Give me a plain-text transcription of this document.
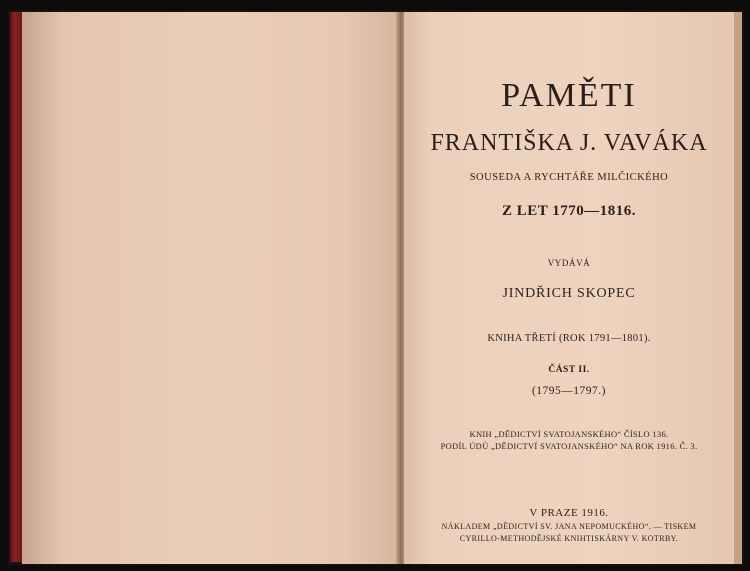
PAMĚTI
FRANTIŠKA J. VAVÁKA
SOUSEDA A RYCHTÁŘE MILČICKÉHO
Z LET 1770—1816.
VYDÁVÁ
JINDŘICH SKOPEC
KNIHA TŘETÍ (ROK 1791—1801).
ČÁST II.
(1795—1797.)
KNIH „DĚDICTVÍ SVATOJANSKÉHO“ ČÍSLO 136.
PODÍL ÚDŮ „DĚDICTVÍ SVATOJANSKÉHO“ NA ROK 1916. Č. 3.
V PRAZE 1916.
NÁKLADEM „DĚDICTVÍ SV. JANA NEPOMUCKÉHO“. — TISKEM
CYRILLO-METHODĚJSKÉ KNIHTISKÁRNY V. KOTRBY.
